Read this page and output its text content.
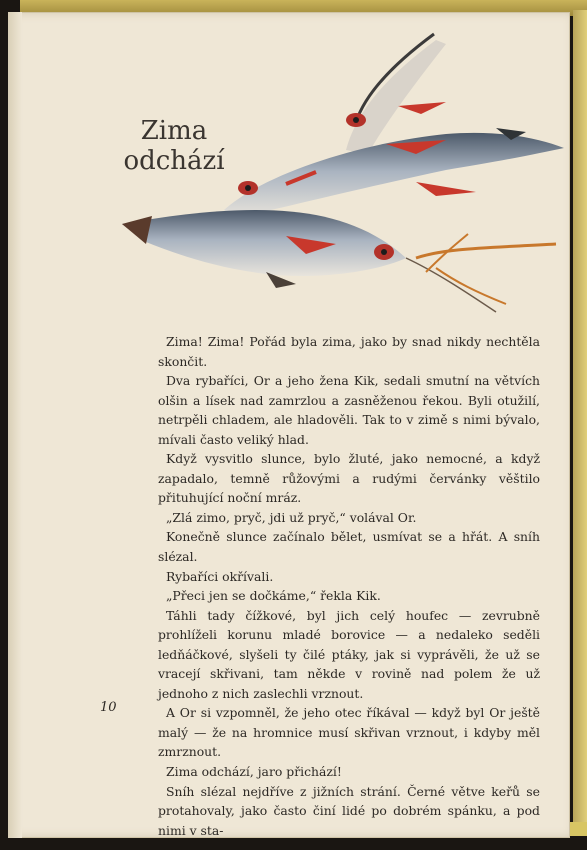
Zima
odchází

Zima! Zima! Pořád byla zima, jako by snad nikdy nechtěla skončit.

Dva rybaříci, Or a jeho žena Kik, sedali smutní na větvích olšin a lísek nad zamrzlou a zasněženou řekou. Byli otužilí, netrpěli chladem, ale hladověli. Tak to v zimě s nimi bývalo, mívali často veliký hlad.

Když vysvitlo slunce, bylo žluté, jako nemocné, a když zapadalo, temně růžovými a rudými červánky věštilo přituhující noční mráz.

„Zlá zimo, pryč, jdi už pryč,“ volával Or.

Konečně slunce začínalo bělet, usmívat se a hřát. A sníh slézal.

Rybaříci okřívali.

„Přeci jen se dočkáme,“ řekla Kik.

Táhli tady čížkové, byl jich celý houfec — zevrubně prohlíželi korunu mladé borovice — a nedaleko seděli ledňáčkové, slyšeli ty čilé ptáky, jak si vyprávěli, že už se vracejí skřivani, tam někde v rovině nad polem že už jednoho z nich zaslechli vrznout.

A Or si vzpomněl, že jeho otec říkával — když byl Or ještě malý — že na hromnice musí skřivan vrznout, i kdyby měl zmrznout.

Zima odchází, jaro přichází!

Sníh slézal nejdříve z jižních strání. Černé větve keřů se protahovaly, jako často činí lidé po dobrém spánku, a pod nimi v sta-

10
